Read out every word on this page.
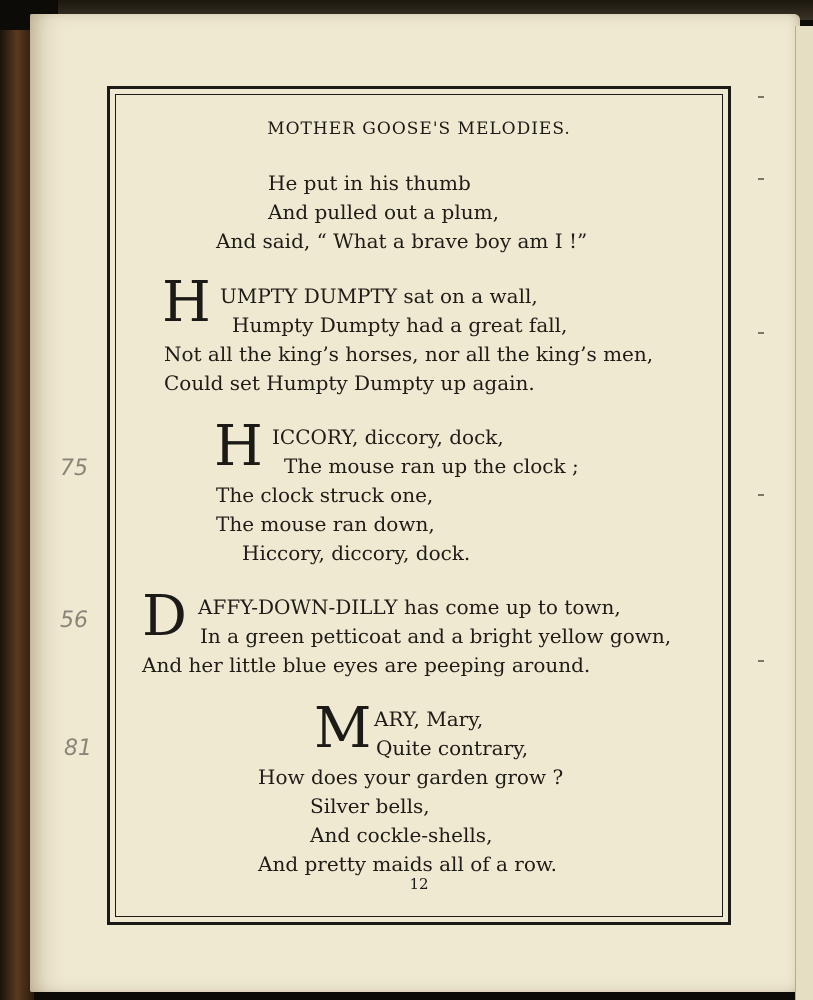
75
56
81
MOTHER GOOSE'S MELODIES.
He put in his thumb
And pulled out a plum,
And said, “ What a brave boy am I !”
H UMPTY DUMPTY sat on a wall,
Humpty Dumpty had a great fall,
Not all the king’s horses, nor all the king’s men,
Could set Humpty Dumpty up again.
H ICCORY, diccory, dock,
The mouse ran up the clock ;
The clock struck one,
The mouse ran down,
Hiccory, diccory, dock.
D AFFY-DOWN-DILLY has come up to town,
In a green petticoat and a bright yellow gown,
And her little blue eyes are peeping around.
M ARY, Mary,
Quite contrary,
How does your garden grow ?
Silver bells,
And cockle-shells,
And pretty maids all of a row.
12
